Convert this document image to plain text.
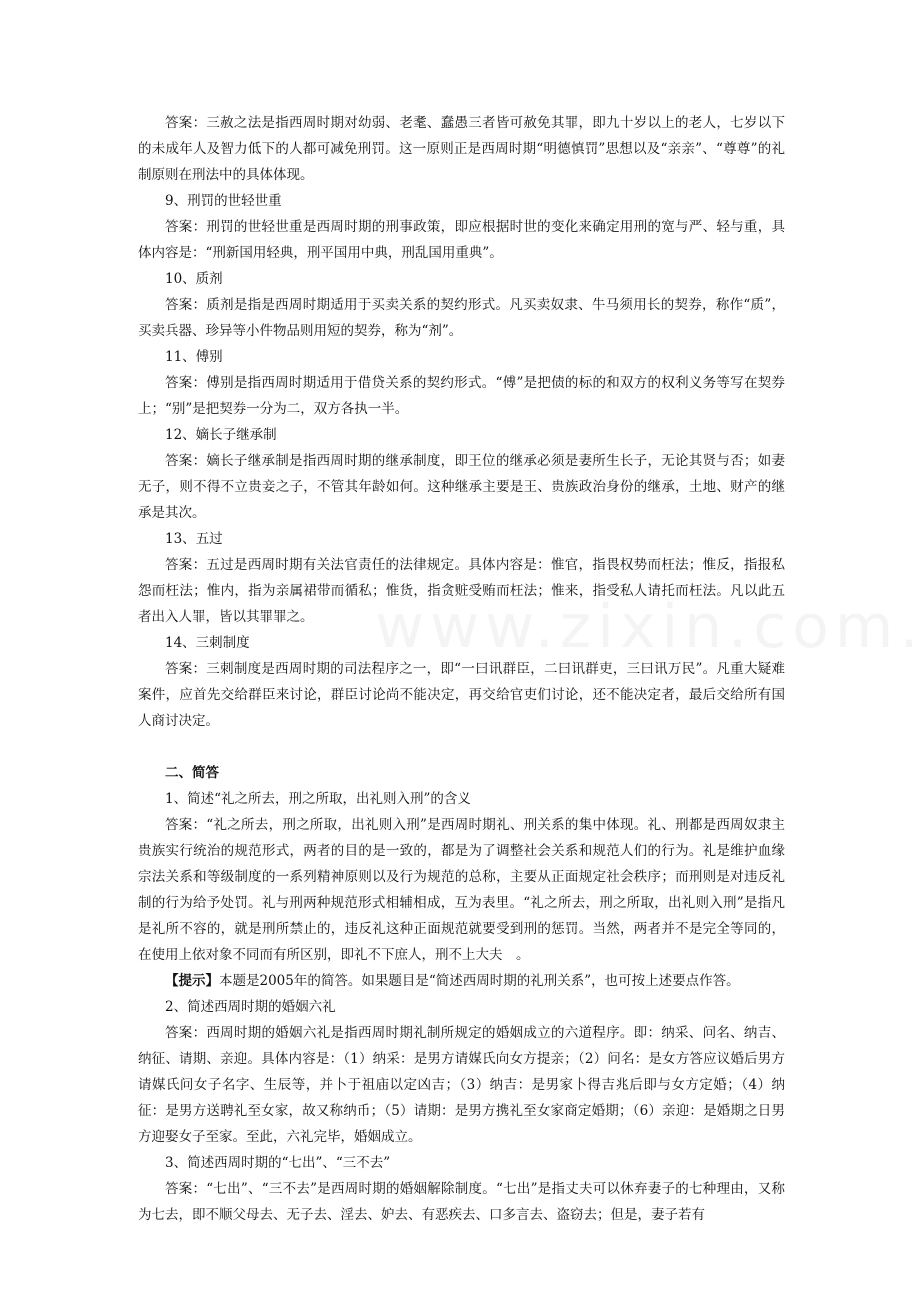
答案：三赦之法是指西周时期对幼弱、老耄、蠢愚三者皆可赦免其罪，即九十岁以上的老人，七岁以下的未成年人及智力低下的人都可减免刑罚。这一原则正是西周时期“明德慎罚”思想以及“亲亲”、“尊尊”的礼制原则在刑法中的具体体现。

9、刑罚的世轻世重

答案：刑罚的世轻世重是西周时期的刑事政策，即应根据时世的变化来确定用刑的宽与严、轻与重，具体内容是：“刑新国用轻典，刑平国用中典，刑乱国用重典”。

10、质剂

答案：质剂是指是西周时期适用于买卖关系的契约形式。凡买卖奴隶、牛马须用长的契券，称作“质”，买卖兵器、珍异等小件物品则用短的契券，称为“剂”。

11、傅别

答案：傅别是指西周时期适用于借贷关系的契约形式。“傅”是把债的标的和双方的权利义务等写在契券上；“别”是把契券一分为二，双方各执一半。

12、嫡长子继承制

答案：嫡长子继承制是指西周时期的继承制度，即王位的继承必须是妻所生长子，无论其贤与否；如妻无子，则不得不立贵妾之子，不管其年龄如何。这种继承主要是王、贵族政治身份的继承，土地、财产的继承是其次。

13、五过

答案：五过是西周时期有关法官责任的法律规定。具体内容是：惟官，指畏权势而枉法；惟反，指报私怨而枉法；惟内，指为亲属裙带而循私；惟货，指贪赃受贿而枉法；惟来，指受私人请托而枉法。凡以此五者出入人罪，皆以其罪罪之。

14、三刺制度

答案：三刺制度是西周时期的司法程序之一，即“一曰讯群臣，二曰讯群吏，三曰讯万民”。凡重大疑难案件，应首先交给群臣来讨论，群臣讨论尚不能决定，再交给官吏们讨论，还不能决定者，最后交给所有国人商讨决定。

二、简答

1、简述“礼之所去，刑之所取，出礼则入刑”的含义

答案：“礼之所去，刑之所取，出礼则入刑”是西周时期礼、刑关系的集中体现。礼、刑都是西周奴隶主贵族实行统治的规范形式，两者的目的是一致的，都是为了调整社会关系和规范人们的行为。礼是维护血缘宗法关系和等级制度的一系列精神原则以及行为规范的总称，主要从正面规定社会秩序；而刑则是对违反礼制的行为给予处罚。礼与刑两种规范形式相辅相成，互为表里。“礼之所去，刑之所取，出礼则入刑”是指凡是礼所不容的，就是刑所禁止的，违反礼这种正面规范就要受到刑的惩罚。当然，两者并不是完全等同的，在使用上依对象不同而有所区别，即礼不下庶人，刑不上大夫　。

【提示】本题是2005年的简答。如果题目是“简述西周时期的礼刑关系”，也可按上述要点作答。

2、简述西周时期的婚姻六礼

答案：西周时期的婚姻六礼是指西周时期礼制所规定的婚姻成立的六道程序。即：纳采、问名、纳吉、纳征、请期、亲迎。具体内容是：（1）纳采：是男方请媒氏向女方提亲；（2）问名：是女方答应议婚后男方请媒氏问女子名字、生辰等，并卜于祖庙以定凶吉；（3）纳吉：是男家卜得吉兆后即与女方定婚；（4）纳征：是男方送聘礼至女家，故又称纳币；（5）请期：是男方携礼至女家商定婚期；（6）亲迎：是婚期之日男方迎娶女子至家。至此，六礼完毕，婚姻成立。

3、简述西周时期的“七出”、“三不去”

答案：“七出”、“三不去”是西周时期的婚姻解除制度。“七出”是指丈夫可以休弃妻子的七种理由，又称为七去，即不顺父母去、无子去、淫去、妒去、有恶疾去、口多言去、盗窃去；但是，妻子若有
